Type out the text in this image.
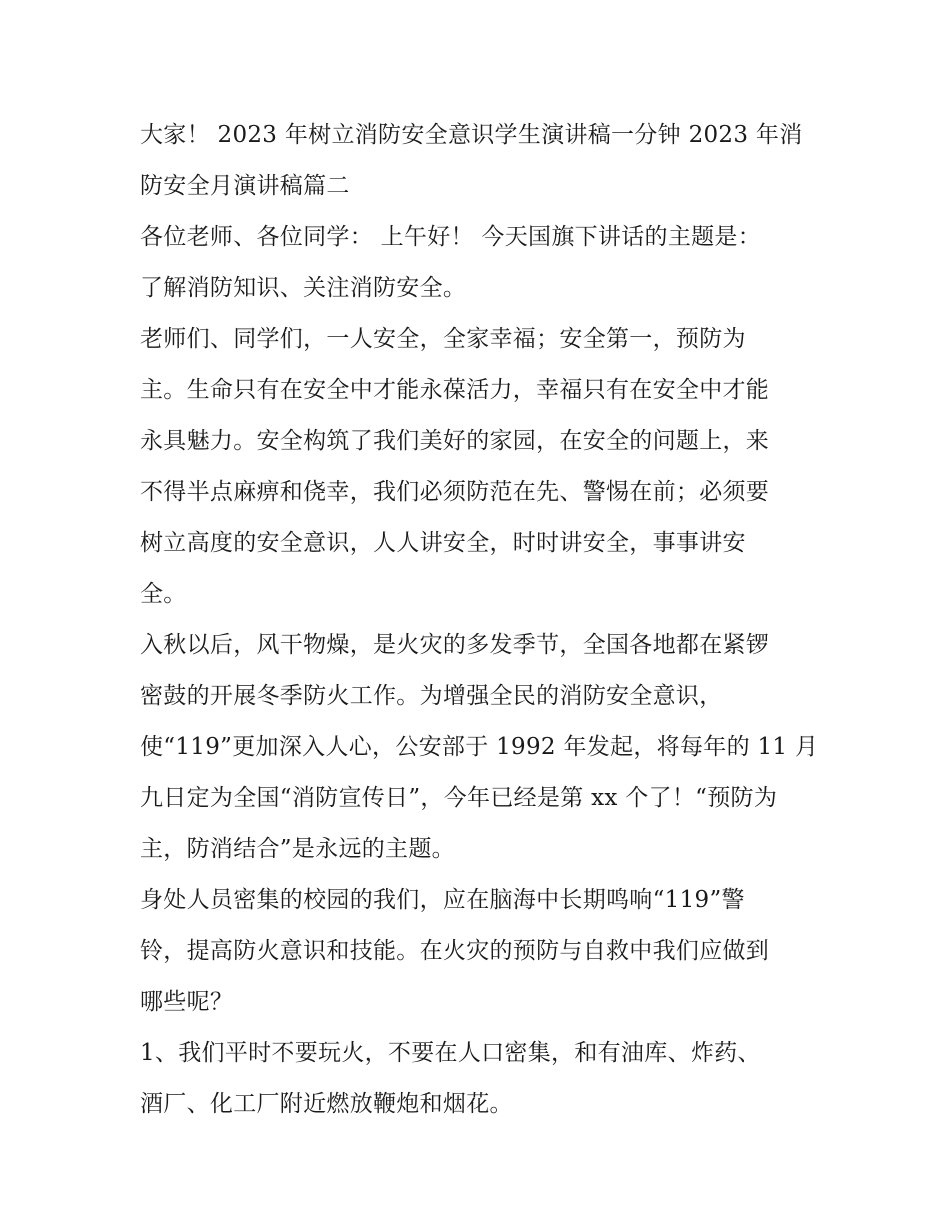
大家！ 2023 年树立消防安全意识学生演讲稿一分钟 2023 年消
防安全月演讲稿篇二
各位老师、各位同学： 上午好！ 今天国旗下讲话的主题是：
了解消防知识、关注消防安全。
老师们、同学们，一人安全，全家幸福；安全第一，预防为
主。生命只有在安全中才能永葆活力，幸福只有在安全中才能
永具魅力。安全构筑了我们美好的家园，在安全的问题上，来
不得半点麻痹和侥幸，我们必须防范在先、警惕在前；必须要
树立高度的安全意识，人人讲安全，时时讲安全，事事讲安
全。
入秋以后，风干物燥，是火灾的多发季节，全国各地都在紧锣
密鼓的开展冬季防火工作。为增强全民的消防安全意识，
使“119”更加深入人心，公安部于 1992 年发起，将每年的 11 月
九日定为全国“消防宣传日”，今年已经是第 xx 个了！“预防为
主，防消结合”是永远的主题。
身处人员密集的校园的我们，应在脑海中长期鸣响“119”警
铃，提高防火意识和技能。在火灾的预防与自救中我们应做到
哪些呢？
1、我们平时不要玩火，不要在人口密集，和有油库、炸药、
酒厂、化工厂附近燃放鞭炮和烟花。
